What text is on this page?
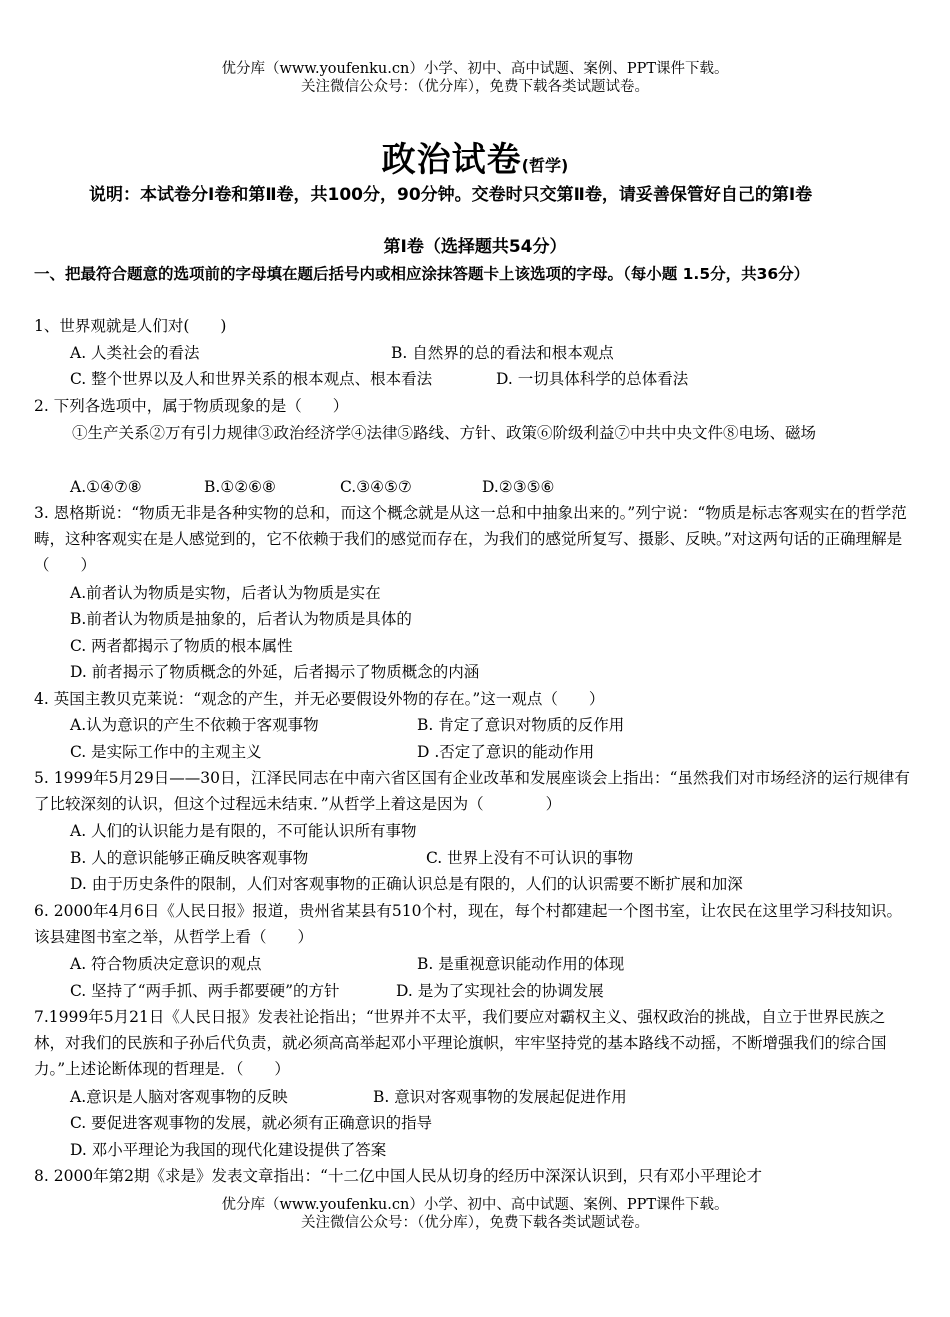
优分库（www.youfenku.cn）小学、初中、高中试题、案例、PPT课件下载。
关注微信公众号：（优分库），免费下载各类试题试卷。
政治试卷(哲学)
说明：本试卷分Ⅰ卷和第Ⅱ卷，共100分，90分钟。交卷时只交第Ⅱ卷，请妥善保管好自己的第Ⅰ卷
第Ⅰ卷（选择题共54分）
一、把最符合题意的选项前的字母填在题后括号内或相应涂抹答题卡上该选项的字母。（每小题 1.5分，共36分）
1、世界观就是人们对(　　)
A. 人类社会的看法	B. 自然界的总的看法和根本观点
C. 整个世界以及人和世界关系的根本观点、根本看法	D. 一切具体科学的总体看法
2. 下列各选项中，属于物质现象的是（　　）
①生产关系②万有引力规律③政治经济学④法律⑤路线、方针、政策⑥阶级利益⑦中共中央文件⑧电场、磁场
A.①④⑦⑧	B.①②⑥⑧	C.③④⑤⑦	D.②③⑤⑥
3. 恩格斯说：“物质无非是各种实物的总和，而这个概念就是从这一总和中抽象出来的。”列宁说：“物质是标志客观实在的哲学范畴，这种客观实在是人感觉到的，它不依赖于我们的感觉而存在，为我们的感觉所复写、摄影、反映。”对这两句话的正确理解是（　　）
A.前者认为物质是实物，后者认为物质是实在
B.前者认为物质是抽象的，后者认为物质是具体的
C. 两者都揭示了物质的根本属性
D. 前者揭示了物质概念的外延，后者揭示了物质概念的内涵
4. 英国主教贝克莱说：“观念的产生，并无必要假设外物的存在。”这一观点（　　）
A.认为意识的产生不依赖于客观事物	B. 肯定了意识对物质的反作用
C. 是实际工作中的主观主义	D .否定了意识的能动作用
5. 1999年5月29日——30日，江泽民同志在中南六省区国有企业改革和发展座谈会上指出：“虽然我们对市场经济的运行规律有了比较深刻的认识，但这个过程远未结束．”从哲学上着这是因为（　　　　）
A. 人们的认识能力是有限的，不可能认识所有事物
B. 人的意识能够正确反映客观事物	C. 世界上没有不可认识的事物
D. 由于历史条件的限制，人们对客观事物的正确认识总是有限的，人们的认识需要不断扩展和加深
6. 2000年4月6日《人民日报》报道，贵州省某县有510个村，现在，每个村都建起一个图书室，让农民在这里学习科技知识。该县建图书室之举，从哲学上看（　　）
A. 符合物质决定意识的观点	B. 是重视意识能动作用的体现
C. 坚持了“两手抓、两手都要硬”的方针	D. 是为了实现社会的协调发展
7.1999年5月21日《人民日报》发表社论指出；“世界并不太平，我们要应对霸权主义、强权政治的挑战，自立于世界民族之林，对我们的民族和子孙后代负责，就必须高高举起邓小平理论旗帜，牢牢坚持党的基本路线不动摇，不断增强我们的综合国力。”上述论断体现的哲理是．（　　）
A.意识是人脑对客观事物的反映	B. 意识对客观事物的发展起促进作用
C. 要促进客观事物的发展，就必须有正确意识的指导
D. 邓小平理论为我国的现代化建设提供了答案
8. 2000年第2期《求是》发表文章指出：“十二亿中国人民从切身的经历中深深认识到，只有邓小平理论才
优分库（www.youfenku.cn）小学、初中、高中试题、案例、PPT课件下载。
关注微信公众号：（优分库），免费下载各类试题试卷。
